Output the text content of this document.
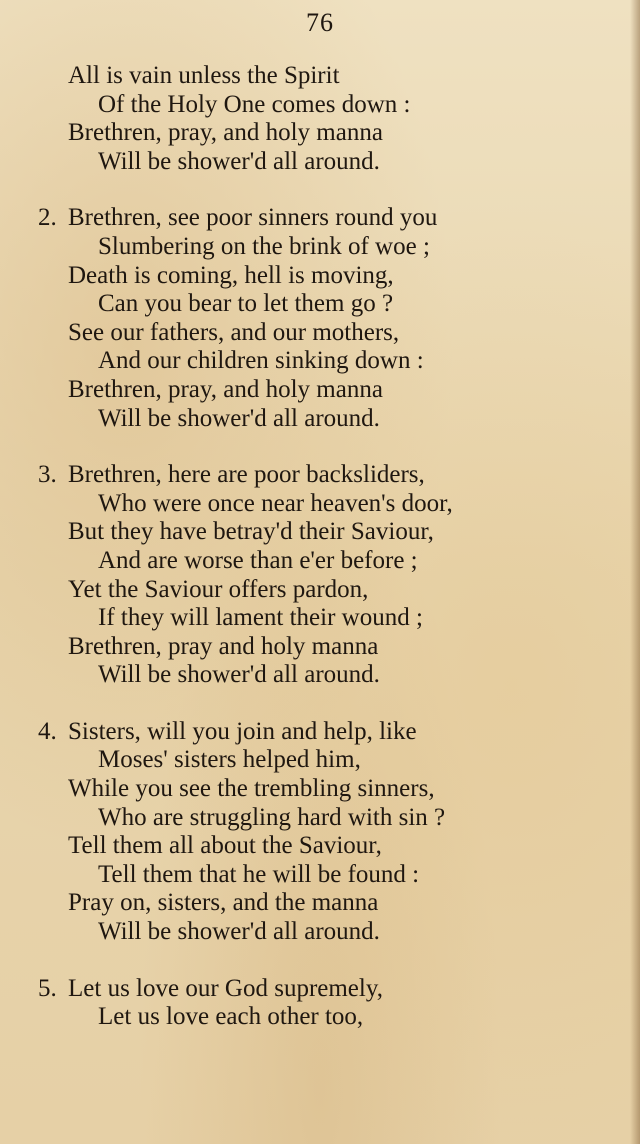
76
All is vain unless the Spirit
Of the Holy One comes down :
Brethren, pray, and holy manna
Will be shower'd all around.
2. Brethren, see poor sinners round you
Slumbering on the brink of woe ;
Death is coming, hell is moving,
Can you bear to let them go ?
See our fathers, and our mothers,
And our children sinking down :
Brethren, pray, and holy manna
Will be shower'd all around.
3. Brethren, here are poor backsliders,
Who were once near heaven's door,
But they have betray'd their Saviour,
And are worse than e'er before ;
Yet the Saviour offers pardon,
If they will lament their wound ;
Brethren, pray and holy manna
Will be shower'd all around.
4. Sisters, will you join and help, like
Moses' sisters helped him,
While you see the trembling sinners,
Who are struggling hard with sin ?
Tell them all about the Saviour,
Tell them that he will be found :
Pray on, sisters, and the manna
Will be shower'd all around.
5. Let us love our God supremely,
Let us love each other too,
